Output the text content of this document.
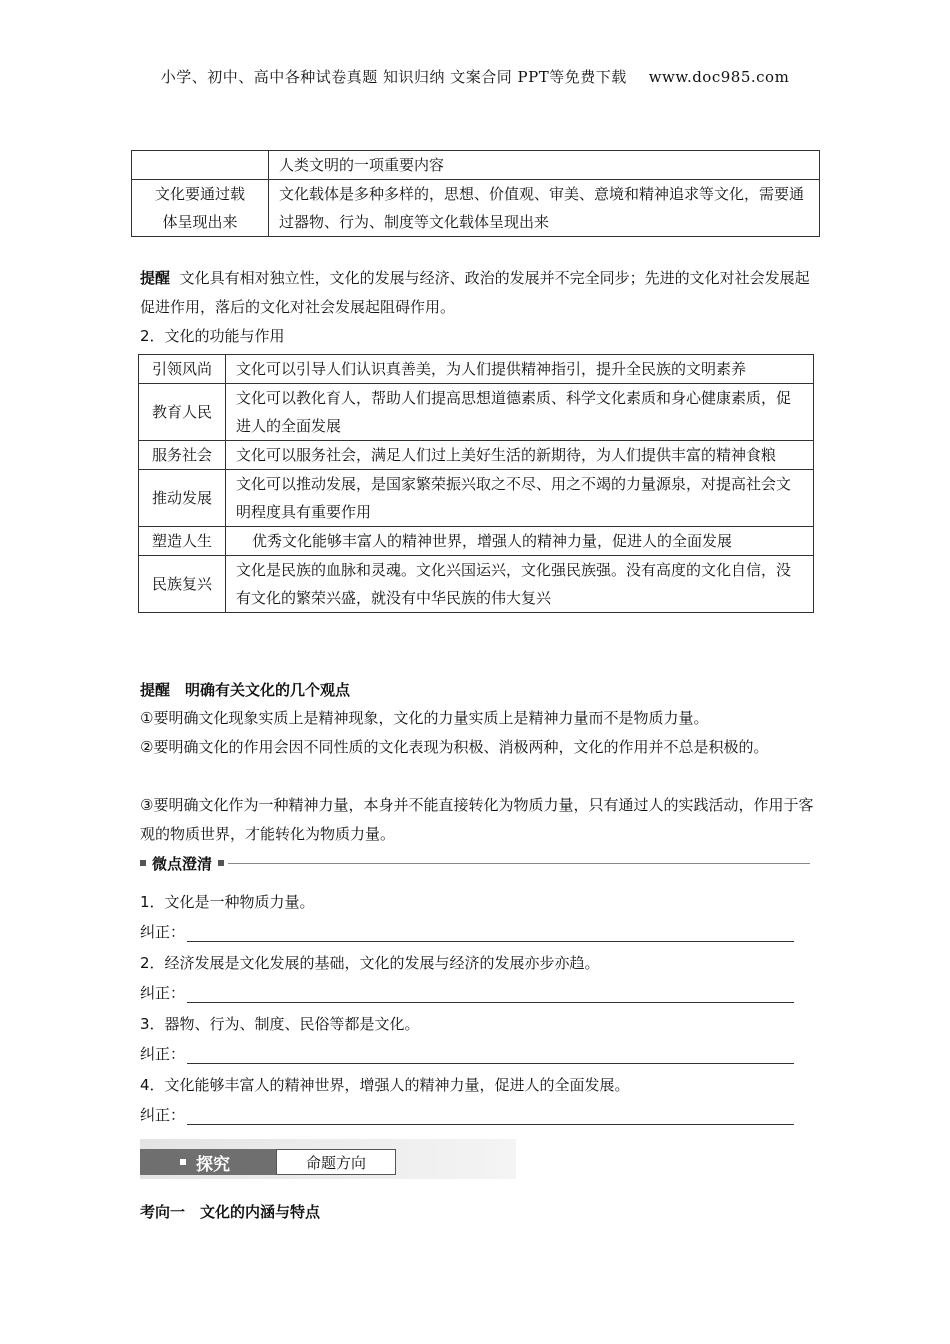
小学、初中、高中各种试卷真题 知识归纳 文案合同 PPT等免费下载 www.doc985.com
	人类文明的一项重要内容

文化要通过载
体呈现出来	文化载体是多种多样的，思想、价值观、审美、意境和精神追求等文化，需要通过器物、行为、制度等文化载体呈现出来
提醒 文化具有相对独立性，文化的发展与经济、政治的发展并不完全同步；先进的文化对社会发展起促进作用，落后的文化对社会发展起阻碍作用。
2．文化的功能与作用
引领风尚	文化可以引导人们认识真善美，为人们提供精神指引，提升全民族的文明素养
教育人民	文化可以教化育人，帮助人们提高思想道德素质、科学文化素质和身心健康素质，促进人的全面发展
服务社会	文化可以服务社会，满足人们过上美好生活的新期待，为人们提供丰富的精神食粮
推动发展	文化可以推动发展，是国家繁荣振兴取之不尽、用之不竭的力量源泉，对提高社会文明程度具有重要作用
塑造人生	优秀文化能够丰富人的精神世界，增强人的精神力量，促进人的全面发展
民族复兴	文化是民族的血脉和灵魂。文化兴国运兴，文化强民族强。没有高度的文化自信，没有文化的繁荣兴盛，就没有中华民族的伟大复兴
提醒　明确有关文化的几个观点
①要明确文化现象实质上是精神现象，文化的力量实质上是精神力量而不是物质力量。
②要明确文化的作用会因不同性质的文化表现为积极、消极两种，文化的作用并不总是积极的。
③要明确文化作为一种精神力量，本身并不能直接转化为物质力量，只有通过人的实践活动，作用于客观的物质世界，才能转化为物质力量。
微点澄清
1．文化是一种物质力量。
纠正：
2．经济发展是文化发展的基础，文化的发展与经济的发展亦步亦趋。
纠正：
3．器物、行为、制度、民俗等都是文化。
纠正：
4．文化能够丰富人的精神世界，增强人的精神力量，促进人的全面发展。
纠正：
探究	命题方向
考向一　文化的内涵与特点
